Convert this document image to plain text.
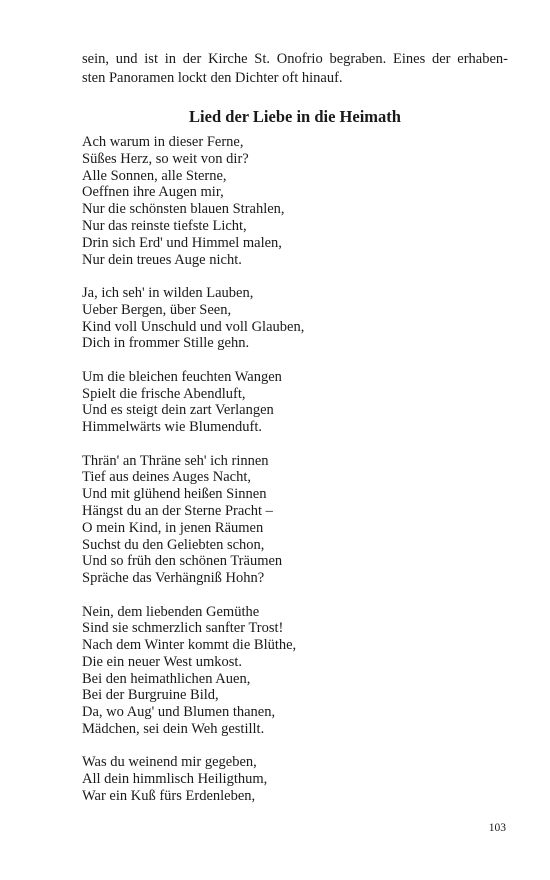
sein, und ist in der Kirche St. Onofrio begraben. Eines der erhaben-
sten Panoramen lockt den Dichter oft hinauf.
Lied der Liebe in die Heimath
Ach warum in dieser Ferne,
Süßes Herz, so weit von dir?
Alle Sonnen, alle Sterne,
Oeffnen ihre Augen mir,
Nur die schönsten blauen Strahlen,
Nur das reinste tiefste Licht,
Drin sich Erd' und Himmel malen,
Nur dein treues Auge nicht.
Ja, ich seh' in wilden Lauben,
Ueber Bergen, über Seen,
Kind voll Unschuld und voll Glauben,
Dich in frommer Stille gehn.
Um die bleichen feuchten Wangen
Spielt die frische Abendluft,
Und es steigt dein zart Verlangen
Himmelwärts wie Blumenduft.
Thrän' an Thräne seh' ich rinnen
Tief aus deines Auges Nacht,
Und mit glühend heißen Sinnen
Hängst du an der Sterne Pracht –
O mein Kind, in jenen Räumen
Suchst du den Geliebten schon,
Und so früh den schönen Träumen
Spräche das Verhängniß Hohn?
Nein, dem liebenden Gemüthe
Sind sie schmerzlich sanfter Trost!
Nach dem Winter kommt die Blüthe,
Die ein neuer West umkost.
Bei den heimathlichen Auen,
Bei der Burgruine Bild,
Da, wo Aug' und Blumen thanen,
Mädchen, sei dein Weh gestillt.
Was du weinend mir gegeben,
All dein himmlisch Heiligthum,
War ein Kuß fürs Erdenleben,
103
